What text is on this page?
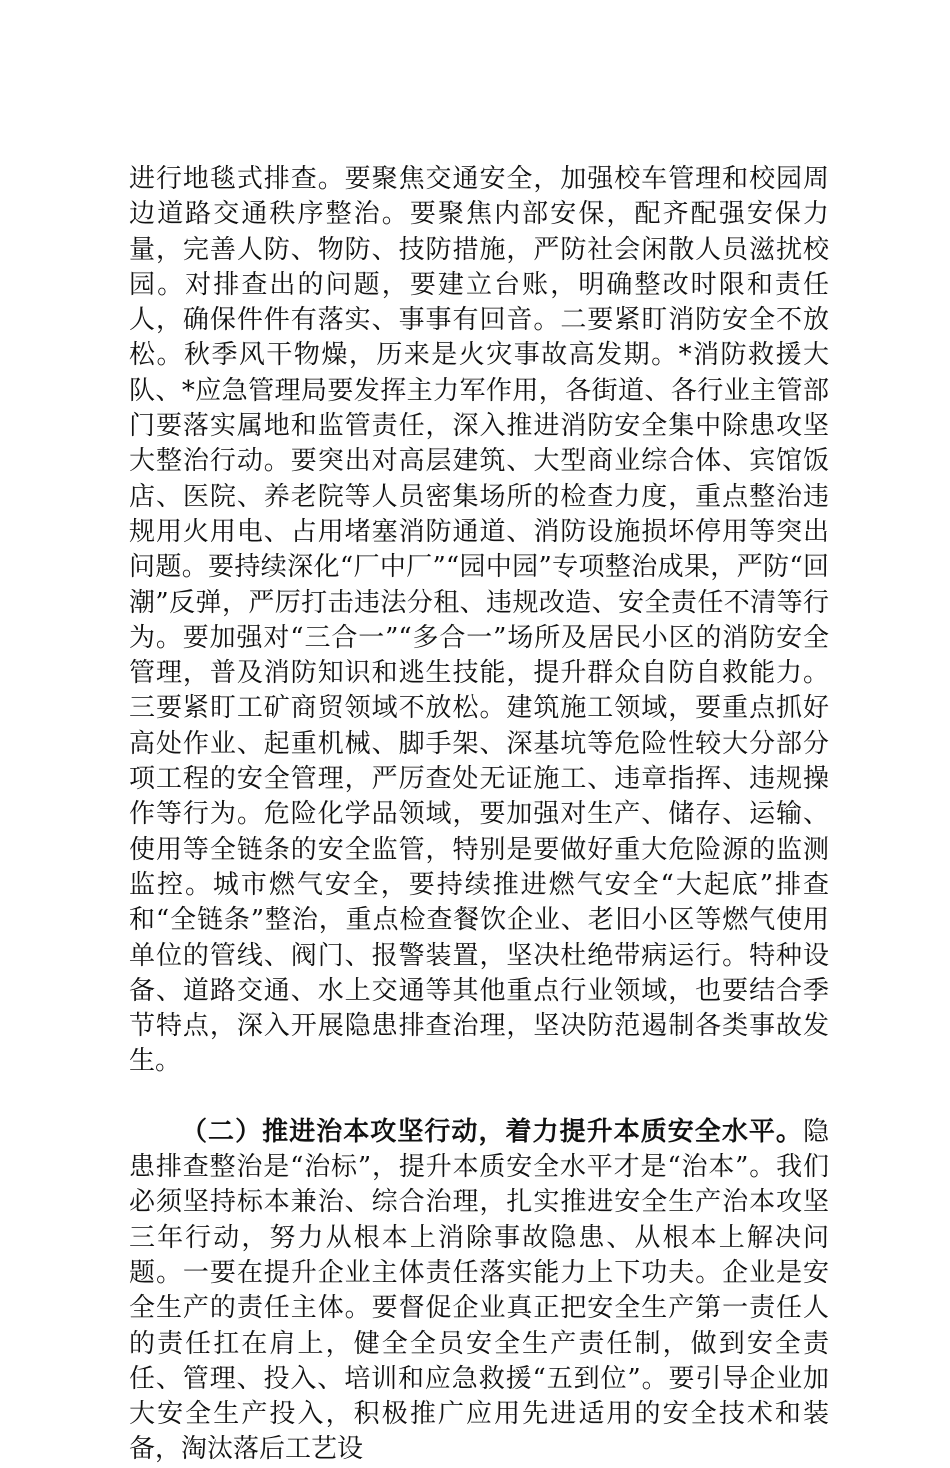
进行地毯式排查。要聚焦交通安全，加强校车管理和校园周边道路交通秩序整治。要聚焦内部安保，配齐配强安保力量，完善人防、物防、技防措施，严防社会闲散人员滋扰校园。对排查出的问题，要建立台账，明确整改时限和责任人，确保件件有落实、事事有回音。二要紧盯消防安全不放松。秋季风干物燥，历来是火灾事故高发期。*消防救援大队、*应急管理局要发挥主力军作用，各街道、各行业主管部门要落实属地和监管责任，深入推进消防安全集中除患攻坚大整治行动。要突出对高层建筑、大型商业综合体、宾馆饭店、医院、养老院等人员密集场所的检查力度，重点整治违规用火用电、占用堵塞消防通道、消防设施损坏停用等突出问题。要持续深化“厂中厂”“园中园”专项整治成果，严防“回潮”反弹，严厉打击违法分租、违规改造、安全责任不清等行为。要加强对“三合一”“多合一”场所及居民小区的消防安全管理，普及消防知识和逃生技能，提升群众自防自救能力。三要紧盯工矿商贸领域不放松。建筑施工领域，要重点抓好高处作业、起重机械、脚手架、深基坑等危险性较大分部分项工程的安全管理，严厉查处无证施工、违章指挥、违规操作等行为。危险化学品领域，要加强对生产、储存、运输、使用等全链条的安全监管，特别是要做好重大危险源的监测监控。城市燃气安全，要持续推进燃气安全“大起底”排查和“全链条”整治，重点检查餐饮企业、老旧小区等燃气使用单位的管线、阀门、报警装置，坚决杜绝带病运行。特种设备、道路交通、水上交通等其他重点行业领域，也要结合季节特点，深入开展隐患排查治理，坚决防范遏制各类事故发生。

（二）推进治本攻坚行动，着力提升本质安全水平。隐患排查整治是“治标”，提升本质安全水平才是“治本”。我们必须坚持标本兼治、综合治理，扎实推进安全生产治本攻坚三年行动，努力从根本上消除事故隐患、从根本上解决问题。一要在提升企业主体责任落实能力上下功夫。企业是安全生产的责任主体。要督促企业真正把安全生产第一责任人的责任扛在肩上，健全全员安全生产责任制，做到安全责任、管理、投入、培训和应急救援“五到位”。要引导企业加大安全生产投入，积极推广应用先进适用的安全技术和装备，淘汰落后工艺设
